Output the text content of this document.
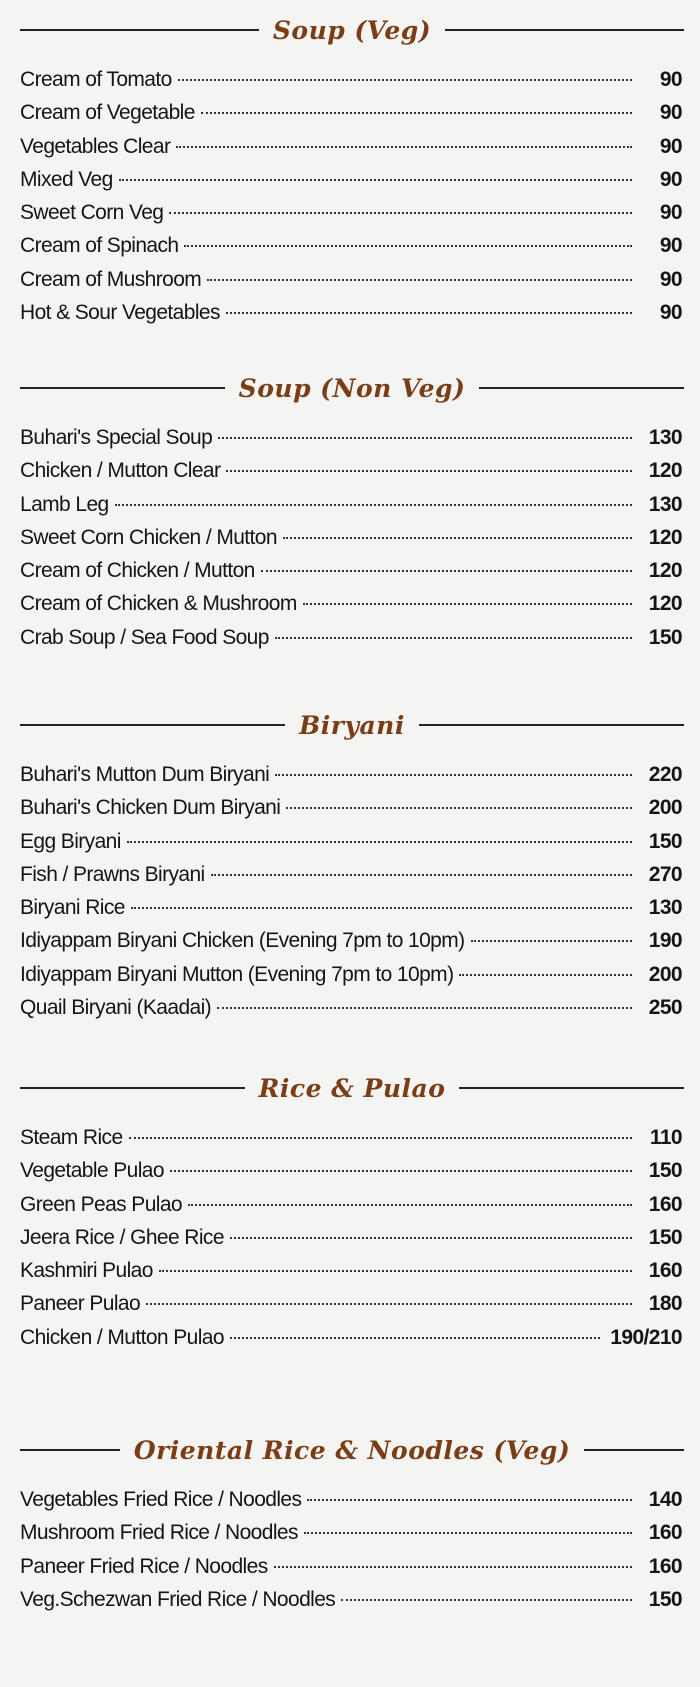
Soup (Veg)
Cream of Tomato	90
Cream of Vegetable	90
Vegetables Clear	90
Mixed Veg	90
Sweet Corn Veg	90
Cream of Spinach	90
Cream of Mushroom	90
Hot & Sour Vegetables	90
Soup (Non Veg)
Buhari's Special Soup	130
Chicken / Mutton Clear	120
Lamb Leg	130
Sweet Corn Chicken / Mutton	120
Cream of Chicken / Mutton	120
Cream of Chicken & Mushroom	120
Crab Soup / Sea Food Soup	150
Biryani
Buhari's Mutton Dum Biryani	220
Buhari's Chicken Dum Biryani	200
Egg Biryani	150
Fish / Prawns Biryani	270
Biryani Rice	130
Idiyappam Biryani Chicken (Evening 7pm to 10pm)	190
Idiyappam Biryani Mutton (Evening 7pm to 10pm)	200
Quail Biryani (Kaadai)	250
Rice & Pulao
Steam Rice	110
Vegetable Pulao	150
Green Peas Pulao	160
Jeera Rice / Ghee Rice	150
Kashmiri Pulao	160
Paneer Pulao	180
Chicken / Mutton Pulao	190/210
Oriental Rice & Noodles (Veg)
Vegetables Fried Rice / Noodles	140
Mushroom Fried Rice / Noodles	160
Paneer Fried Rice / Noodles	160
Veg.Schezwan Fried Rice / Noodles	150
